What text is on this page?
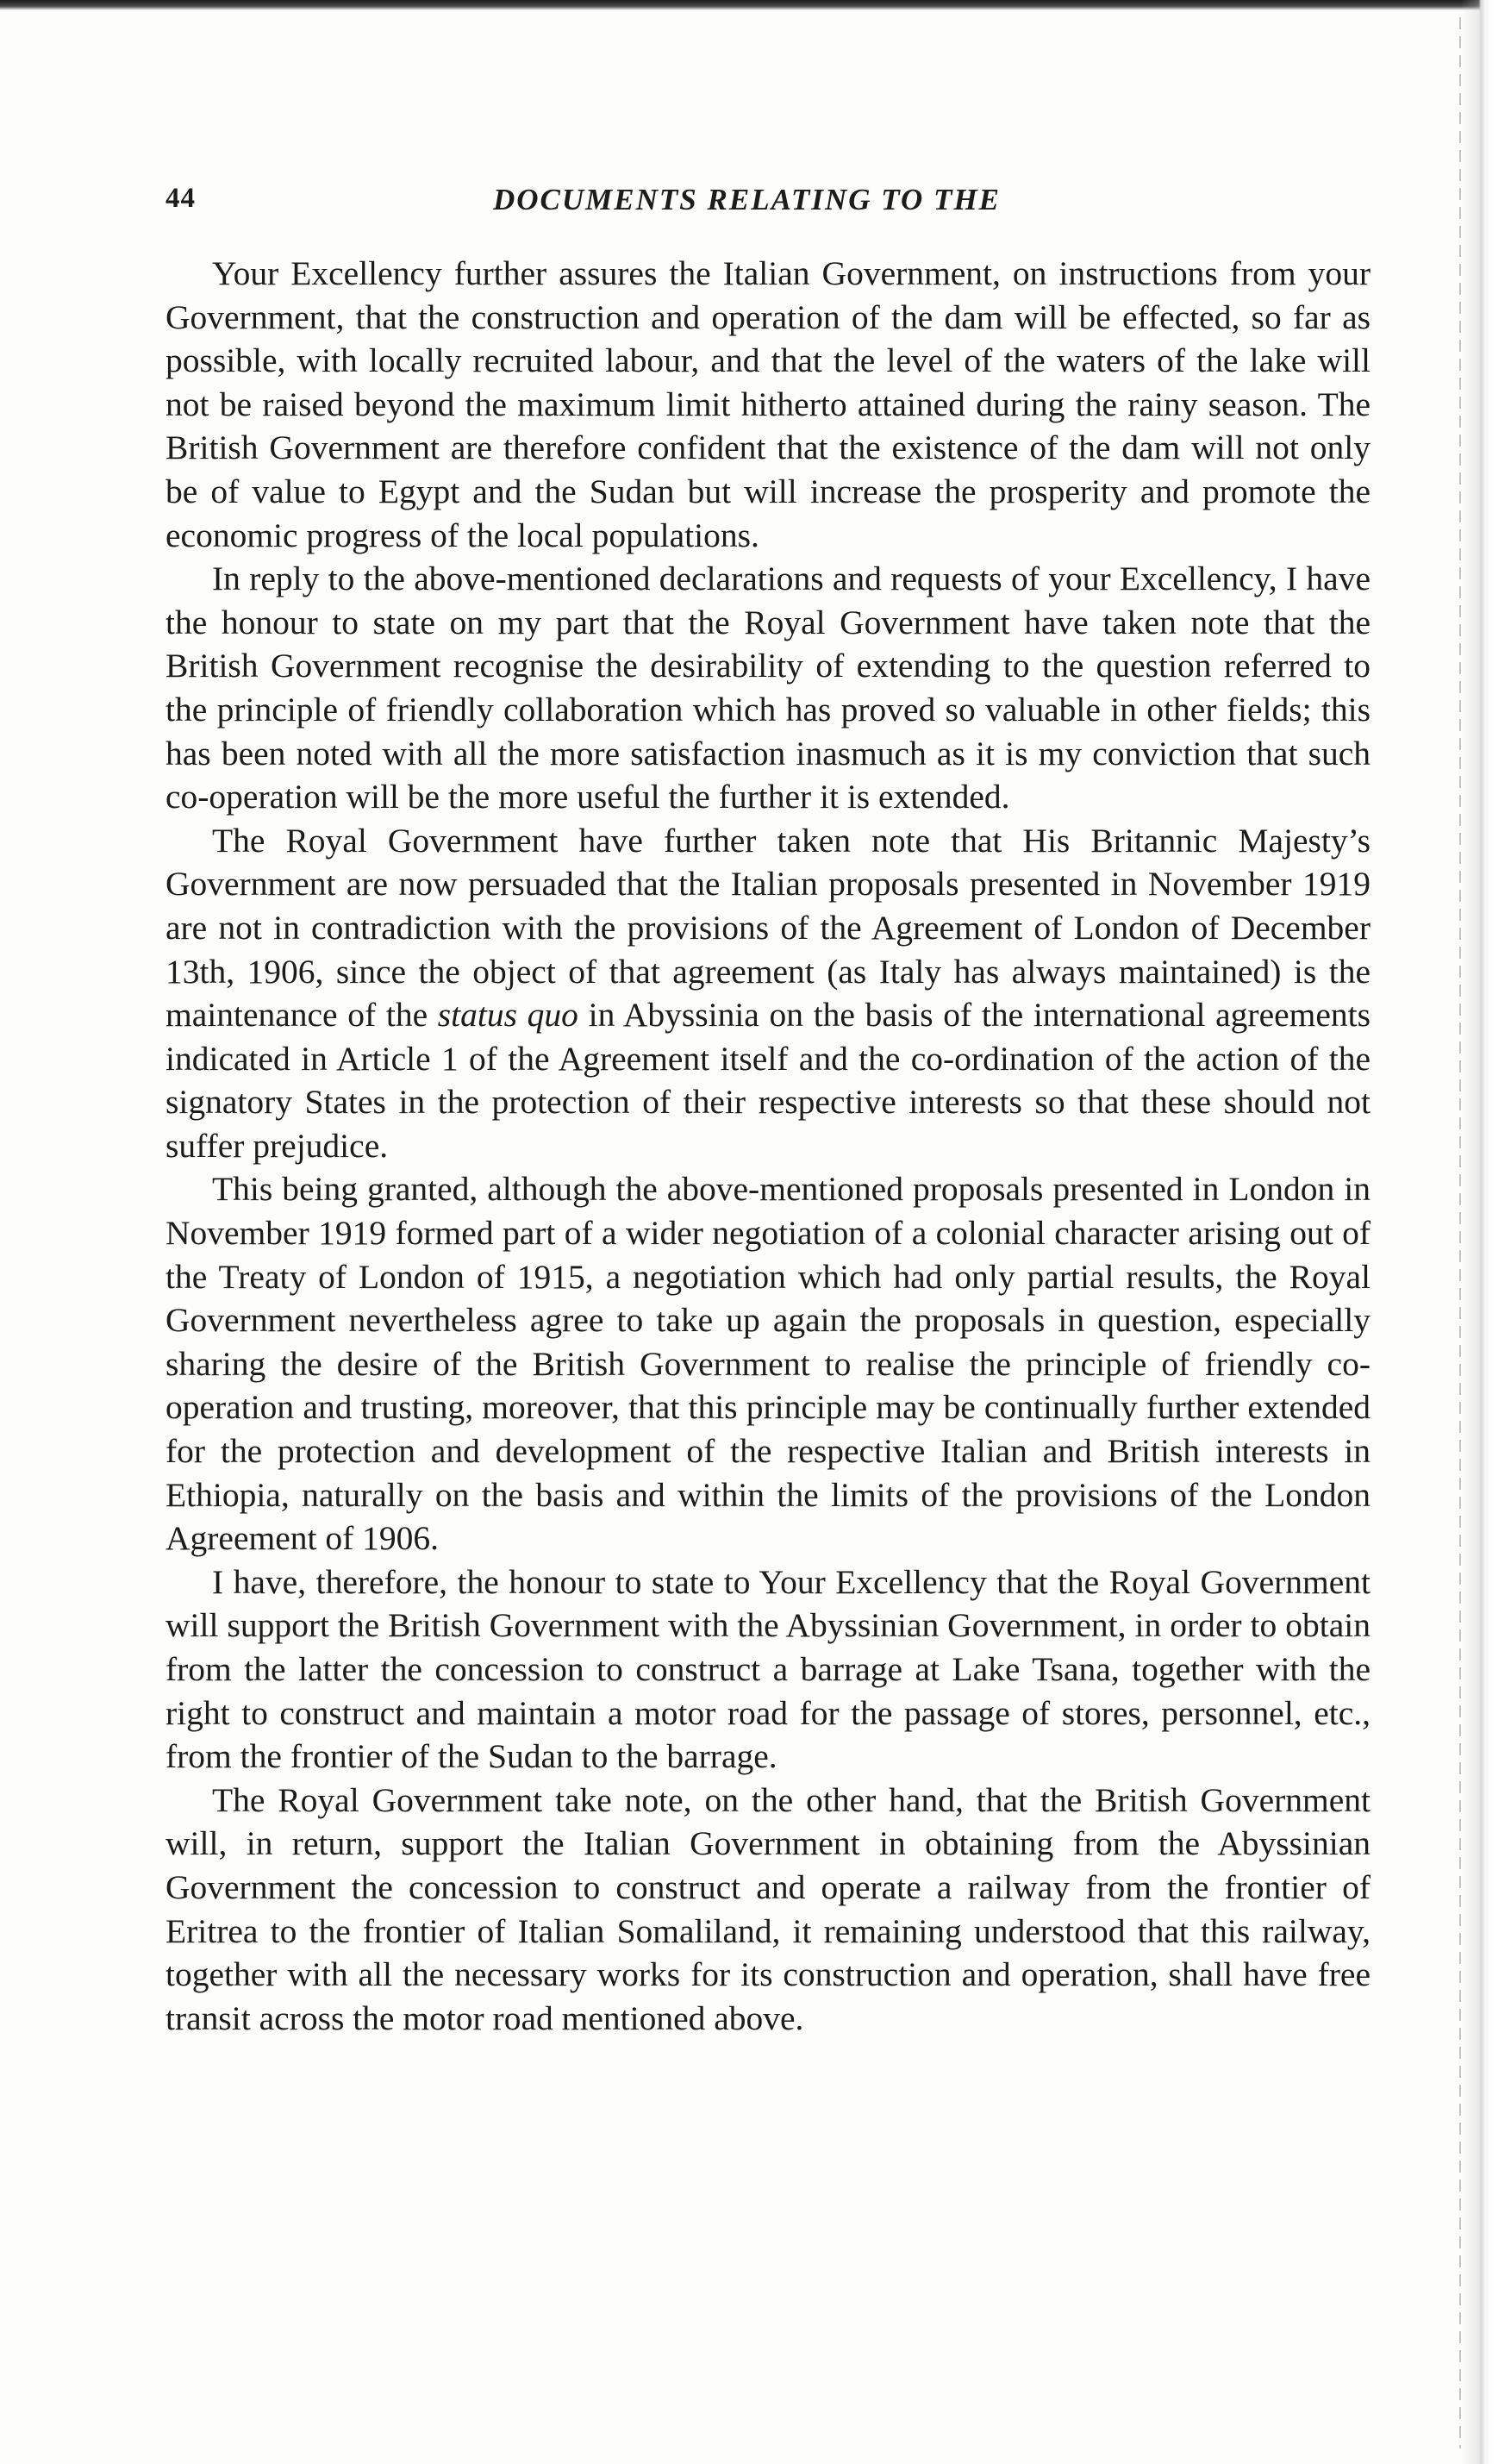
44	DOCUMENTS RELATING TO THE

Your Excellency further assures the Italian Government, on instructions from your Government, that the construction and operation of the dam will be effected, so far as possible, with locally recruited labour, and that the level of the waters of the lake will not be raised beyond the maximum limit hitherto attained during the rainy season. The British Government are therefore confident that the existence of the dam will not only be of value to Egypt and the Sudan but will increase the prosperity and promote the economic progress of the local populations.

In reply to the above-mentioned declarations and requests of your Excellency, I have the honour to state on my part that the Royal Government have taken note that the British Government recognise the desirability of extending to the question referred to the principle of friendly collaboration which has proved so valuable in other fields; this has been noted with all the more satisfaction inasmuch as it is my conviction that such co-operation will be the more useful the further it is extended.

The Royal Government have further taken note that His Britannic Majesty’s Government are now persuaded that the Italian proposals presented in November 1919 are not in contradiction with the provisions of the Agreement of London of December 13th, 1906, since the object of that agreement (as Italy has always maintained) is the maintenance of the status quo in Abyssinia on the basis of the international agreements indicated in Article 1 of the Agreement itself and the co-ordination of the action of the signatory States in the protection of their respective interests so that these should not suffer prejudice.

This being granted, although the above-mentioned proposals presented in London in November 1919 formed part of a wider negotiation of a colonial character arising out of the Treaty of London of 1915, a negotiation which had only partial results, the Royal Government nevertheless agree to take up again the proposals in question, especially sharing the desire of the British Government to realise the principle of friendly cooperation and trusting, moreover, that this principle may be continually further extended for the protection and development of the respective Italian and British interests in Ethiopia, naturally on the basis and within the limits of the provisions of the London Agreement of 1906.

I have, therefore, the honour to state to Your Excellency that the Royal Government will support the British Government with the Abyssinian Government, in order to obtain from the latter the concession to construct a barrage at Lake Tsana, together with the right to construct and maintain a motor road for the passage of stores, personnel, etc., from the frontier of the Sudan to the barrage.

The Royal Government take note, on the other hand, that the British Government will, in return, support the Italian Government in obtaining from the Abyssinian Government the concession to construct and operate a railway from the frontier of Eritrea to the frontier of Italian Somaliland, it remaining understood that this railway, together with all the necessary works for its construction and operation, shall have free transit across the motor road mentioned above.
